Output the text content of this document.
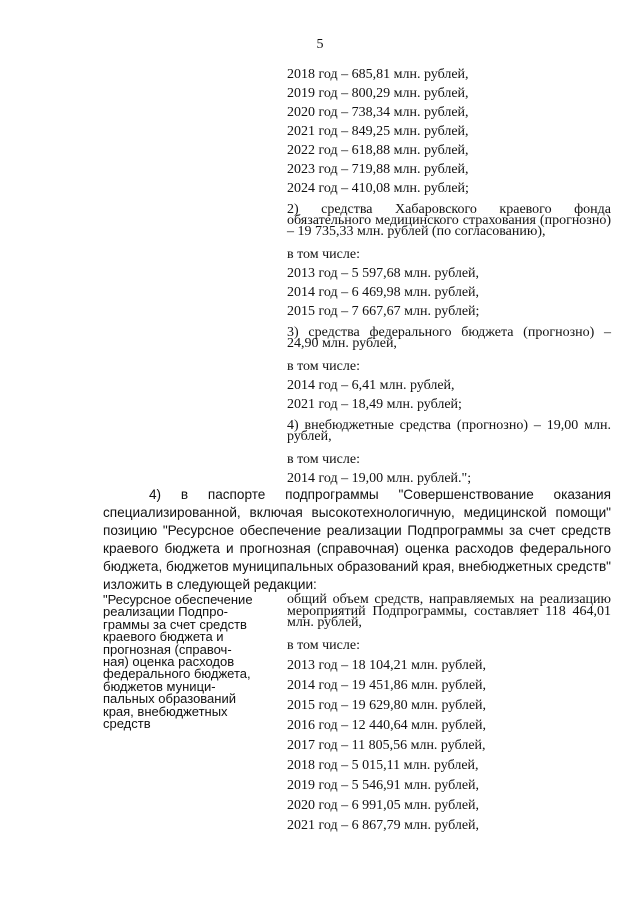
5
2018 год – 685,81 млн. рублей,
2019 год – 800,29 млн. рублей,
2020 год – 738,34 млн. рублей,
2021 год – 849,25 млн. рублей,
2022 год – 618,88 млн. рублей,
2023 год – 719,88 млн. рублей,
2024 год – 410,08 млн. рублей;

2) средства Хабаровского краевого фонда обязательного медицинского страхования (прогнозно) – 19 735,33 млн. рублей (по согласованию),

в том числе:
2013 год – 5 597,68 млн. рублей,
2014 год – 6 469,98 млн. рублей,
2015 год – 7 667,67 млн. рублей;

3) средства федерального бюджета (прогнозно) – 24,90 млн. рублей,

в том числе:
2014 год – 6,41 млн. рублей,
2021 год – 18,49 млн. рублей;

4) внебюджетные средства (прогнозно) – 19,00 млн. рублей,

в том числе:
2014 год – 19,00 млн. рублей.";
4) в паспорте подпрограммы "Совершенствование оказания специализированной, включая высокотехнологичную, медицинской помощи" позицию "Ресурсное обеспечение реализации Подпрограммы за счет средств краевого бюджета и прогнозная (справочная) оценка расходов федерального бюджета, бюджетов муниципальных образований края, внебюджетных средств" изложить в следующей редакции:
"Ресурсное обеспечение
реализации Подпро-
граммы за счет средств
краевого бюджета и
прогнозная (справоч-
ная) оценка расходов
федерального бюджета,
бюджетов муници-
пальных образований
края, внебюджетных
средств
общий объем средств, направляемых на реализацию мероприятий Подпрограммы, составляет 118 464,01 млн. рублей,
в том числе:
2013 год – 18 104,21 млн. рублей,
2014 год – 19 451,86 млн. рублей,
2015 год – 19 629,80 млн. рублей,
2016 год – 12 440,64 млн. рублей,
2017 год – 11 805,56 млн. рублей,
2018 год – 5 015,11 млн. рублей,
2019 год – 5 546,91 млн. рублей,
2020 год – 6 991,05 млн. рублей,
2021 год – 6 867,79 млн. рублей,
